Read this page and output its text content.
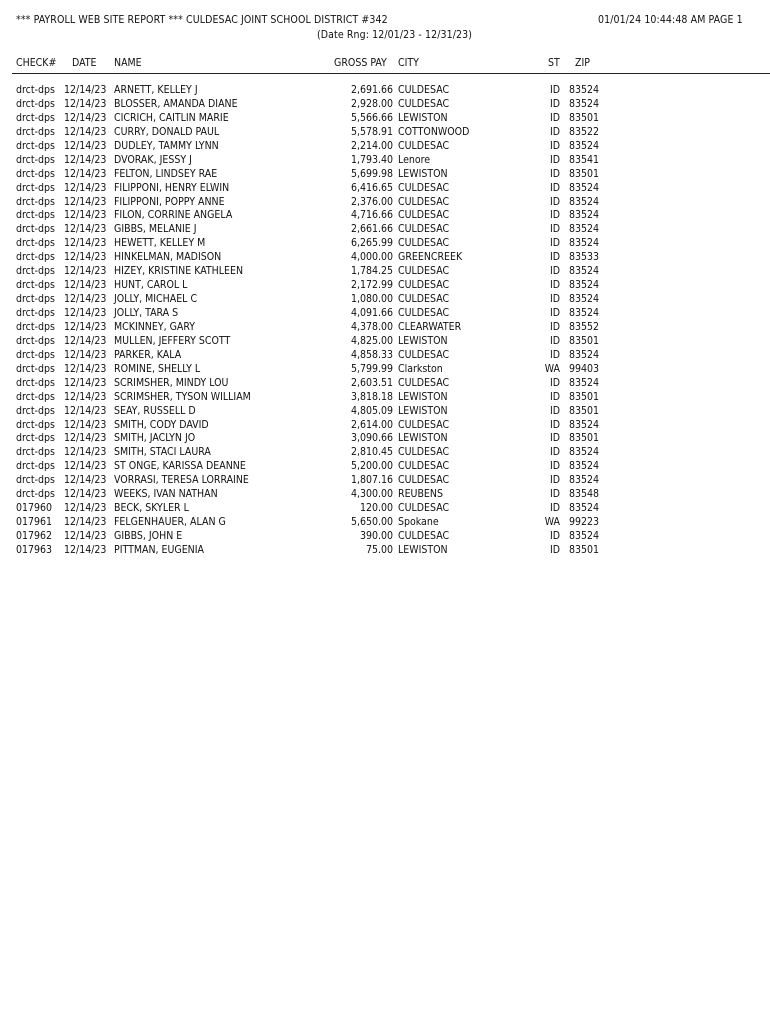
*** PAYROLL WEB SITE REPORT *** CULDESAC JOINT SCHOOL DISTRICT #342	01/01/24 10:44:48 AM PAGE 1
(Date Rng: 12/01/23 - 12/31/23)
CHECK# DATE NAME	GROSS PAY CITY	ST ZIP
drct-dps 12/14/23 ARNETT, KELLEY J	2,691.66 CULDESAC	ID 83524
drct-dps 12/14/23 BLOSSER, AMANDA DIANE	2,928.00 CULDESAC	ID 83524
drct-dps 12/14/23 CICRICH, CAITLIN MARIE	5,566.66 LEWISTON	ID 83501
drct-dps 12/14/23 CURRY, DONALD PAUL	5,578.91 COTTONWOOD	ID 83522
drct-dps 12/14/23 DUDLEY, TAMMY LYNN	2,214.00 CULDESAC	ID 83524
drct-dps 12/14/23 DVORAK, JESSY J	1,793.40 Lenore	ID 83541
drct-dps 12/14/23 FELTON, LINDSEY RAE	5,699.98 LEWISTON	ID 83501
drct-dps 12/14/23 FILIPPONI, HENRY ELWIN	6,416.65 CULDESAC	ID 83524
drct-dps 12/14/23 FILIPPONI, POPPY ANNE	2,376.00 CULDESAC	ID 83524
drct-dps 12/14/23 FILON, CORRINE ANGELA	4,716.66 CULDESAC	ID 83524
drct-dps 12/14/23 GIBBS, MELANIE J	2,661.66 CULDESAC	ID 83524
drct-dps 12/14/23 HEWETT, KELLEY M	6,265.99 CULDESAC	ID 83524
drct-dps 12/14/23 HINKELMAN, MADISON	4,000.00 GREENCREEK	ID 83533
drct-dps 12/14/23 HIZEY, KRISTINE KATHLEEN	1,784.25 CULDESAC	ID 83524
drct-dps 12/14/23 HUNT, CAROL L	2,172.99 CULDESAC	ID 83524
drct-dps 12/14/23 JOLLY, MICHAEL C	1,080.00 CULDESAC	ID 83524
drct-dps 12/14/23 JOLLY, TARA S	4,091.66 CULDESAC	ID 83524
drct-dps 12/14/23 MCKINNEY, GARY	4,378.00 CLEARWATER	ID 83552
drct-dps 12/14/23 MULLEN, JEFFERY SCOTT	4,825.00 LEWISTON	ID 83501
drct-dps 12/14/23 PARKER, KALA	4,858.33 CULDESAC	ID 83524
drct-dps 12/14/23 ROMINE, SHELLY L	5,799.99 Clarkston	WA 99403
drct-dps 12/14/23 SCRIMSHER, MINDY LOU	2,603.51 CULDESAC	ID 83524
drct-dps 12/14/23 SCRIMSHER, TYSON WILLIAM	3,818.18 LEWISTON	ID 83501
drct-dps 12/14/23 SEAY, RUSSELL D	4,805.09 LEWISTON	ID 83501
drct-dps 12/14/23 SMITH, CODY DAVID	2,614.00 CULDESAC	ID 83524
drct-dps 12/14/23 SMITH, JACLYN JO	3,090.66 LEWISTON	ID 83501
drct-dps 12/14/23 SMITH, STACI LAURA	2,810.45 CULDESAC	ID 83524
drct-dps 12/14/23 ST ONGE, KARISSA DEANNE	5,200.00 CULDESAC	ID 83524
drct-dps 12/14/23 VORRASI, TERESA LORRAINE	1,807.16 CULDESAC	ID 83524
drct-dps 12/14/23 WEEKS, IVAN NATHAN	4,300.00 REUBENS	ID 83548
017960 12/14/23 BECK, SKYLER L	120.00 CULDESAC	ID 83524
017961 12/14/23 FELGENHAUER, ALAN G	5,650.00 Spokane	WA 99223
017962 12/14/23 GIBBS, JOHN E	390.00 CULDESAC	ID 83524
017963 12/14/23 PITTMAN, EUGENIA	75.00 LEWISTON	ID 83501
